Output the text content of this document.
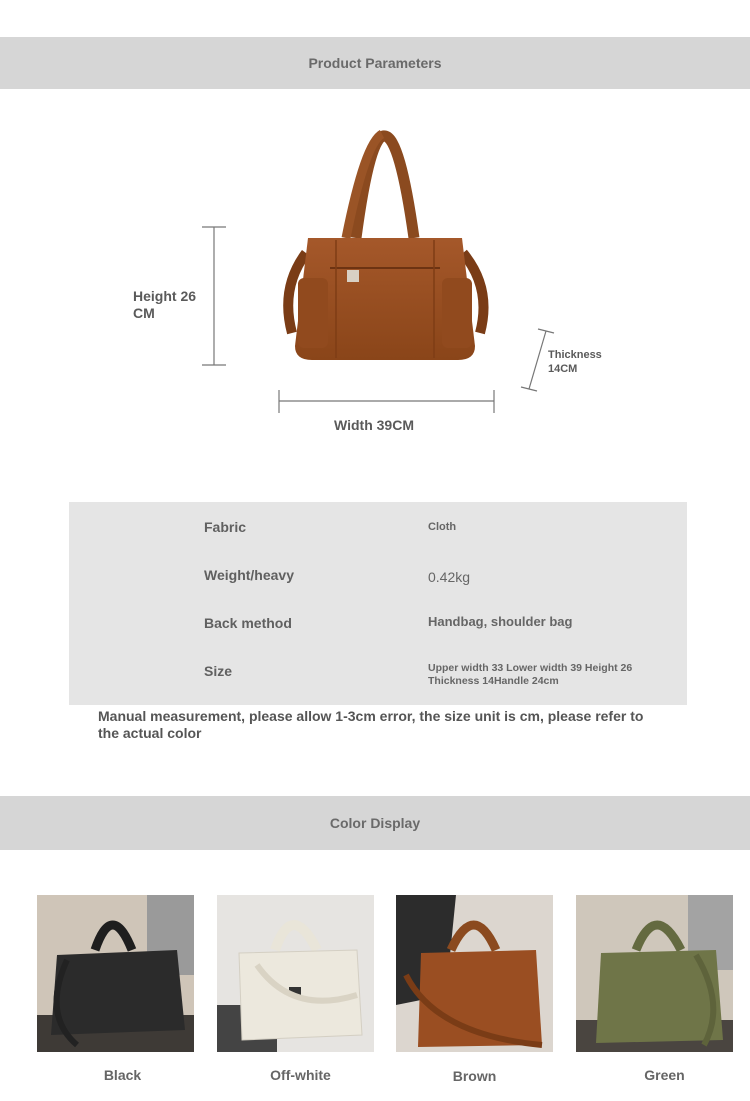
Product Parameters
Height 26 CM
Width 39CM
Thickness 14CM
Fabric	Cloth
Weight/heavy	0.42kg
Back method	Handbag, shoulder bag
Size	Upper width 33 Lower width 39 Height 26 Thickness 14Handle 24cm
Manual measurement, please allow 1-3cm error, the size unit is cm, please refer to the actual color
Color Display
Black	Off-white	Brown	Green
